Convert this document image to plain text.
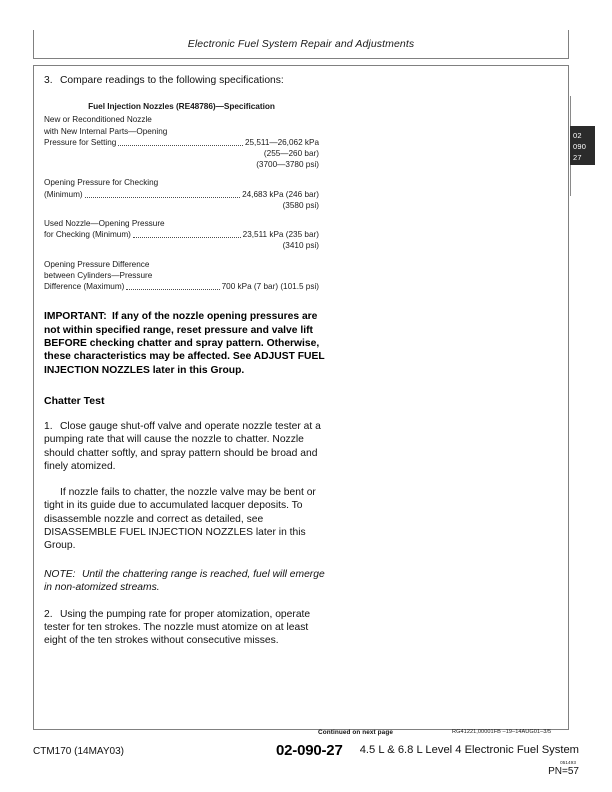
Electronic Fuel System Repair and Adjustments
02
090
27
3. Compare readings to the following specifications:
Fuel Injection Nozzles (RE48786)—Specification
New or Reconditioned Nozzle
with New Internal Parts—Opening
Pressure for Setting	25,511—26,062 kPa
(255—260 bar)
(3700—3780 psi)
Opening Pressure for Checking
(Minimum)	24,683 kPa (246 bar)
(3580 psi)
Used Nozzle—Opening Pressure
for Checking (Minimum)	23,511 kPa (235 bar)
(3410 psi)
Opening Pressure Difference
between Cylinders—Pressure
Difference (Maximum)	700 kPa (7 bar) (101.5 psi)
IMPORTANT: If any of the nozzle opening pressures are not within specified range, reset pressure and valve lift BEFORE checking chatter and spray pattern. Otherwise, these characteristics may be affected. See ADJUST FUEL INJECTION NOZZLES later in this Group.
Chatter Test
1. Close gauge shut-off valve and operate nozzle tester at a pumping rate that will cause the nozzle to chatter. Nozzle should chatter softly, and spray pattern should be broad and finely atomized.
If nozzle fails to chatter, the nozzle valve may be bent or tight in its guide due to accumulated lacquer deposits. To disassemble nozzle and correct as detailed, see DISASSEMBLE FUEL INJECTION NOZZLES later in this Group.
NOTE: Until the chattering range is reached, fuel will emerge in non-atomized streams.
2. Using the pumping rate for proper atomization, operate tester for ten strokes. The nozzle must atomize on at least eight of the ten strokes without consecutive misses.
Continued on next page	RG41221,00001FB –19–14AUG01–3/5
CTM170 (14MAY03)	02-090-27 4.5 L & 6.8 L Level 4 Electronic Fuel System
051493
PN=57
